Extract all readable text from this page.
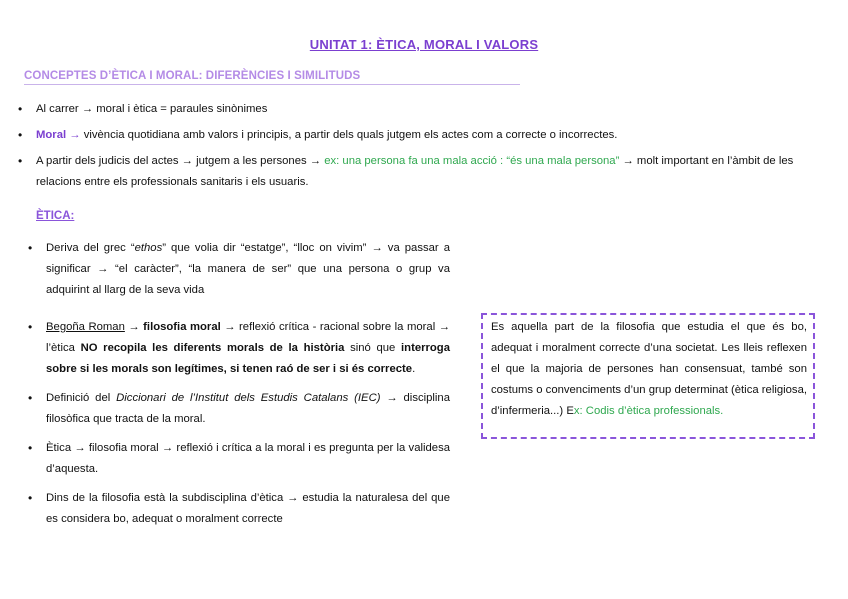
UNITAT 1: ÈTICA, MORAL I VALORS
CONCEPTES D’ÈTICA I MORAL: DIFERÈNCIES I SIMILITUDS
• Al carrer → moral i ètica = paraules sinònimes
• Moral → vivència quotidiana amb valors i principis, a partir dels quals jutgem els actes com a correcte o incorrectes.
• A partir dels judicis del actes → jutgem a les persones → ex: una persona fa una mala acció : “és una mala persona” → molt important en l’àmbit de les relacions entre els professionals sanitaris i els usuaris.
ÈTICA:
• Deriva del grec “ethos” que volia dir “estatge”, “lloc on vivim” → va passar a significar → “el caràcter”, “la manera de ser” que una persona o grup va adquirint al llarg de la seva vida
• Begoña Roman → filosofia moral → reflexió crítica - racional sobre la moral → l’ètica NO recopila les diferents morals de la història sinó que interroga sobre si les morals son legítimes, si tenen raó de ser i si és correcte.
• Definició del Diccionari de l’Institut dels Estudis Catalans (IEC) → disciplina filosòfica que tracta de la moral.
• Ètica → filosofia moral → reflexió i crítica a la moral i es pregunta per la validesa d’aquesta.
• Dins de la filosofia està la subdisciplina d’ètica → estudia la naturalesa del que es considera bo, adequat o moralment correcte
Es aquella part de la filosofia que estudia el que és bo, adequat i moralment correcte d’una societat. Les lleis reflexen el que la majoria de persones han consensuat, també son costums o convenciments d’un grup determinat (ètica religiosa, d’infermeria...) Ex: Codis d’ètica professionals.
